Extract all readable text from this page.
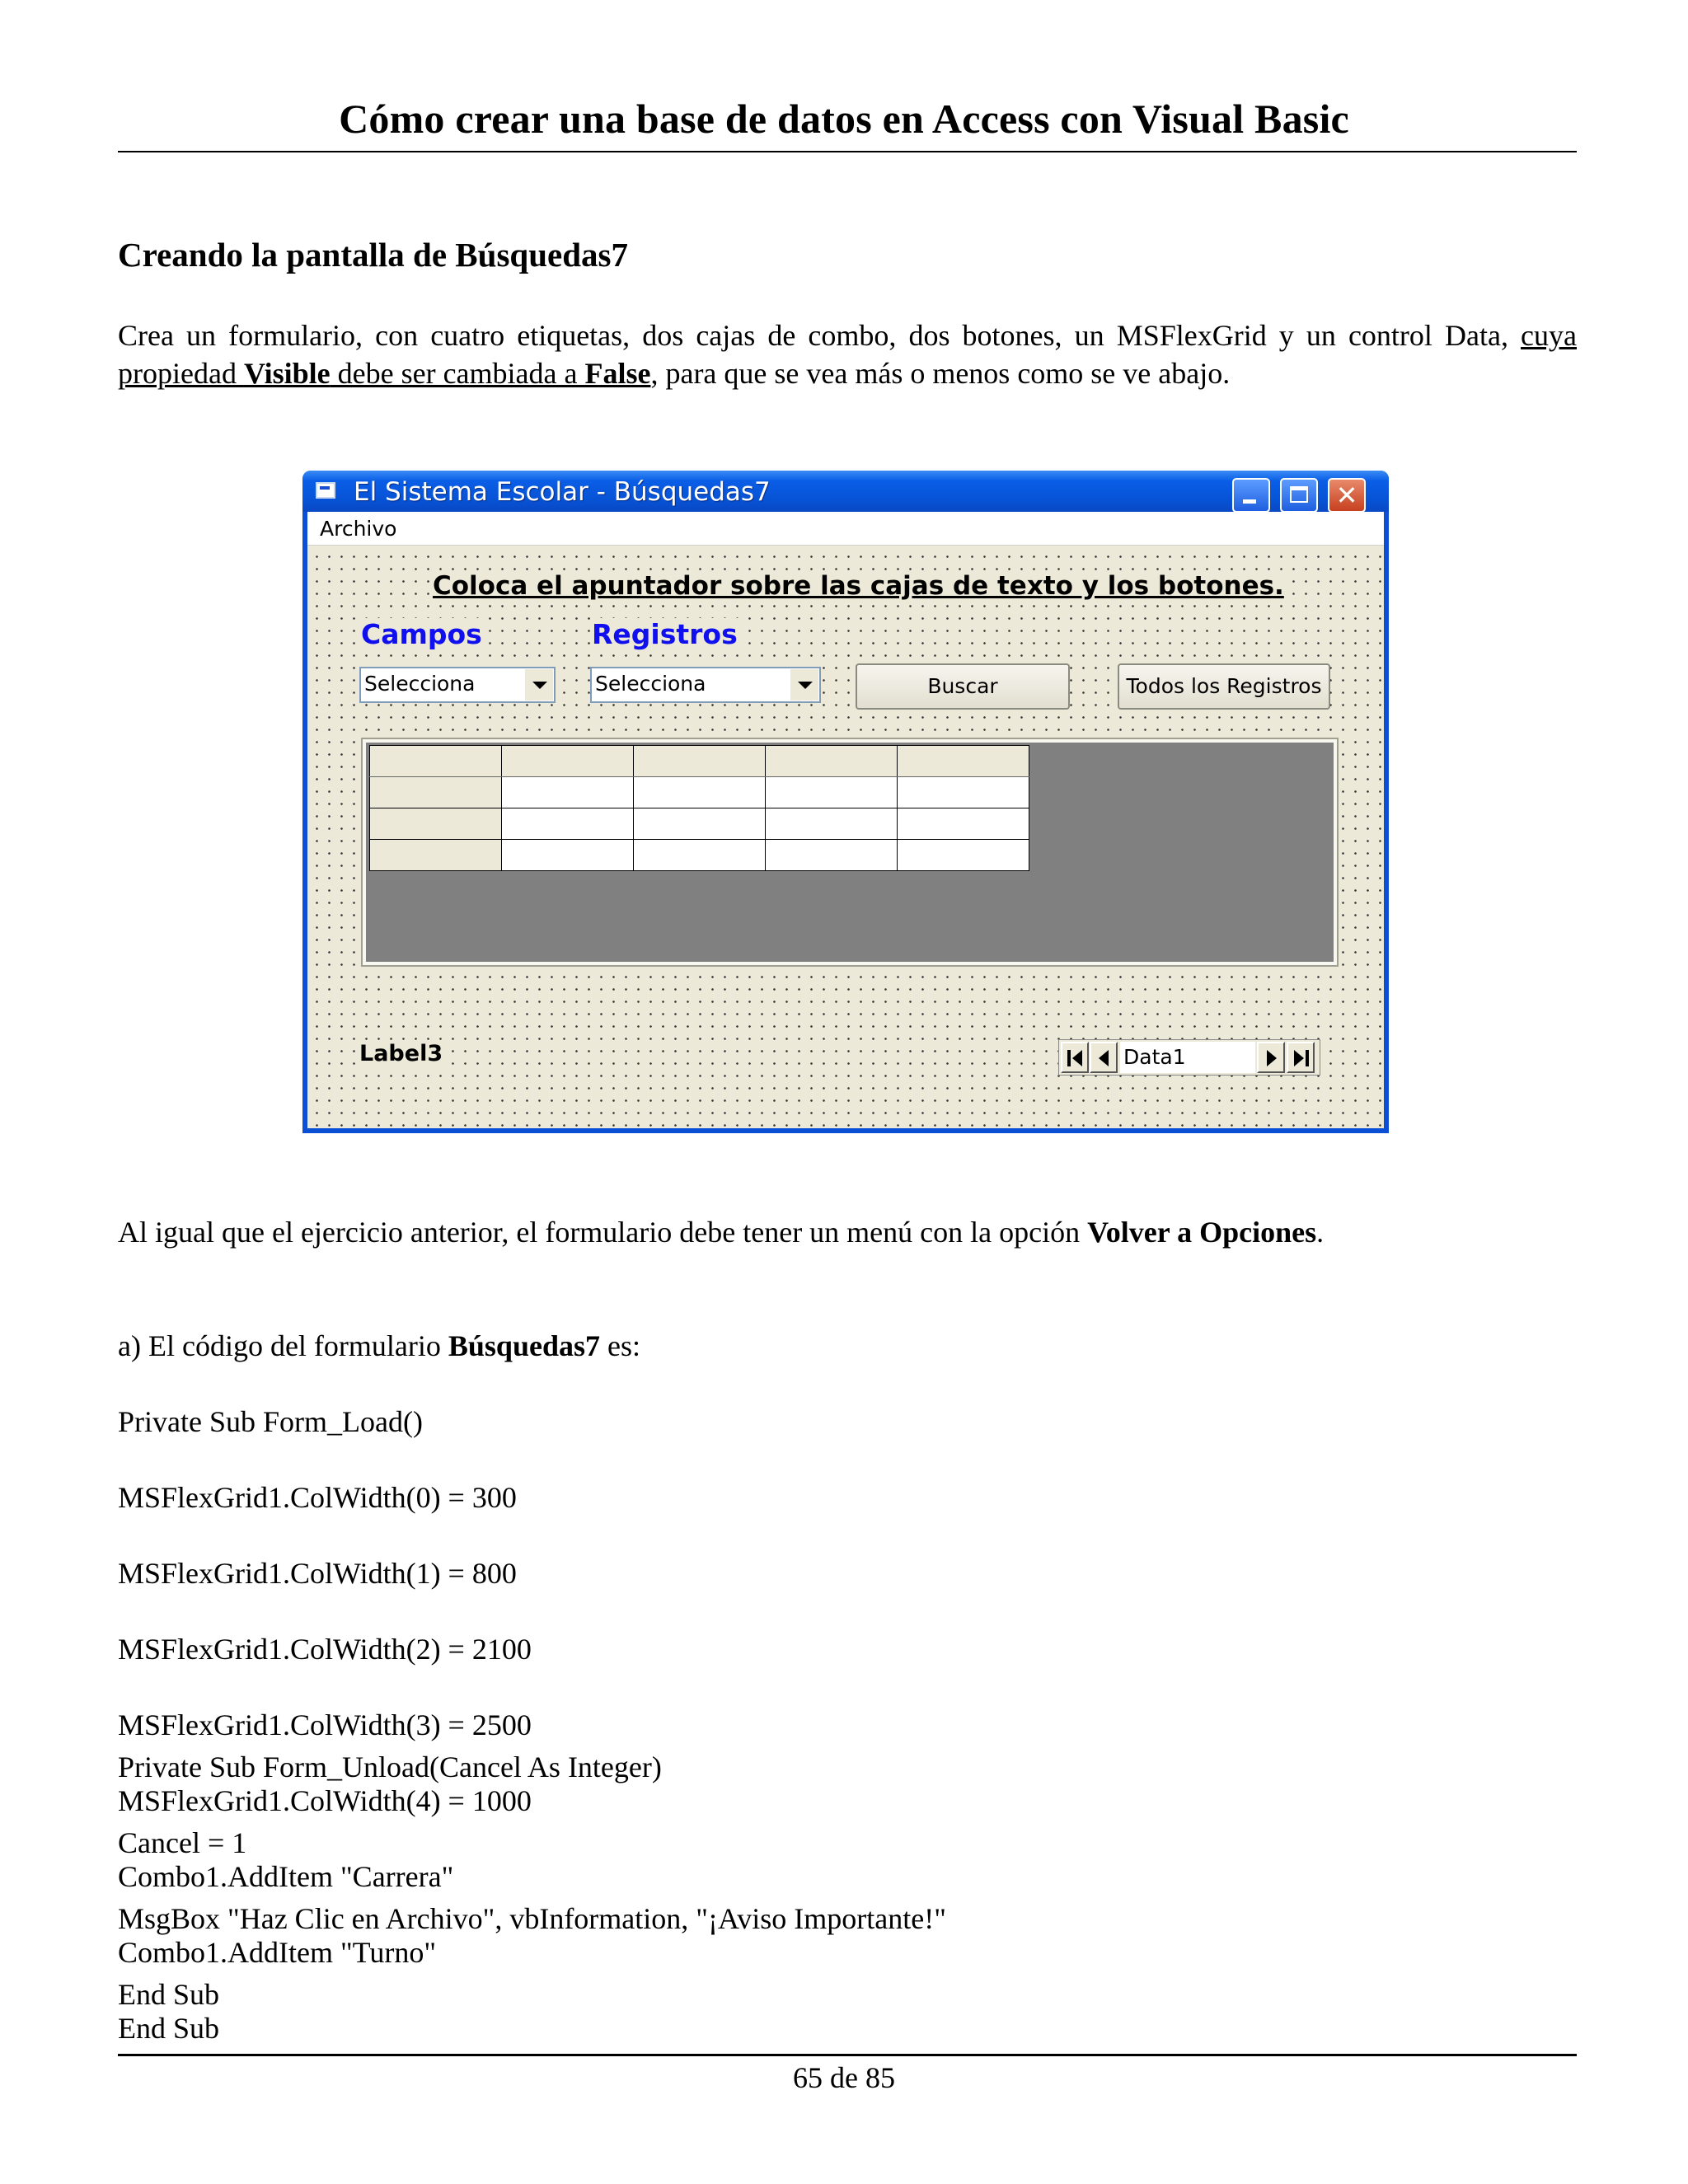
Cómo crear una base de datos en Access con Visual Basic
Creando la pantalla de Búsquedas7
Crea un formulario, con cuatro etiquetas, dos cajas de combo, dos botones, un MSFlexGrid y un control Data, cuya propiedad Visible debe ser cambiada a False, para que se vea más o menos como se ve abajo.
El Sistema Escolar - Búsquedas7	✕
Archivo
Coloca el apuntador sobre las cajas de texto y los botones.
Campos	Registros
Selecciona	Selecciona	Buscar	Todos los Registros

Label3	Data1
Al igual que el ejercicio anterior, el formulario debe tener un menú con la opción Volver a Opciones.

a) El código del formulario Búsquedas7 es:

Private Sub Form_Load()

MSFlexGrid1.ColWidth(0) = 300

MSFlexGrid1.ColWidth(1) = 800

MSFlexGrid1.ColWidth(2) = 2100

MSFlexGrid1.ColWidth(3) = 2500

MSFlexGrid1.ColWidth(4) = 1000

Combo1.AddItem "Carrera"

Combo1.AddItem "Turno"

End Sub

Private Sub Form_Unload(Cancel As Integer)

Cancel = 1

MsgBox "Haz Clic en Archivo", vbInformation, "¡Aviso Importante!"

End Sub

65 de 85
